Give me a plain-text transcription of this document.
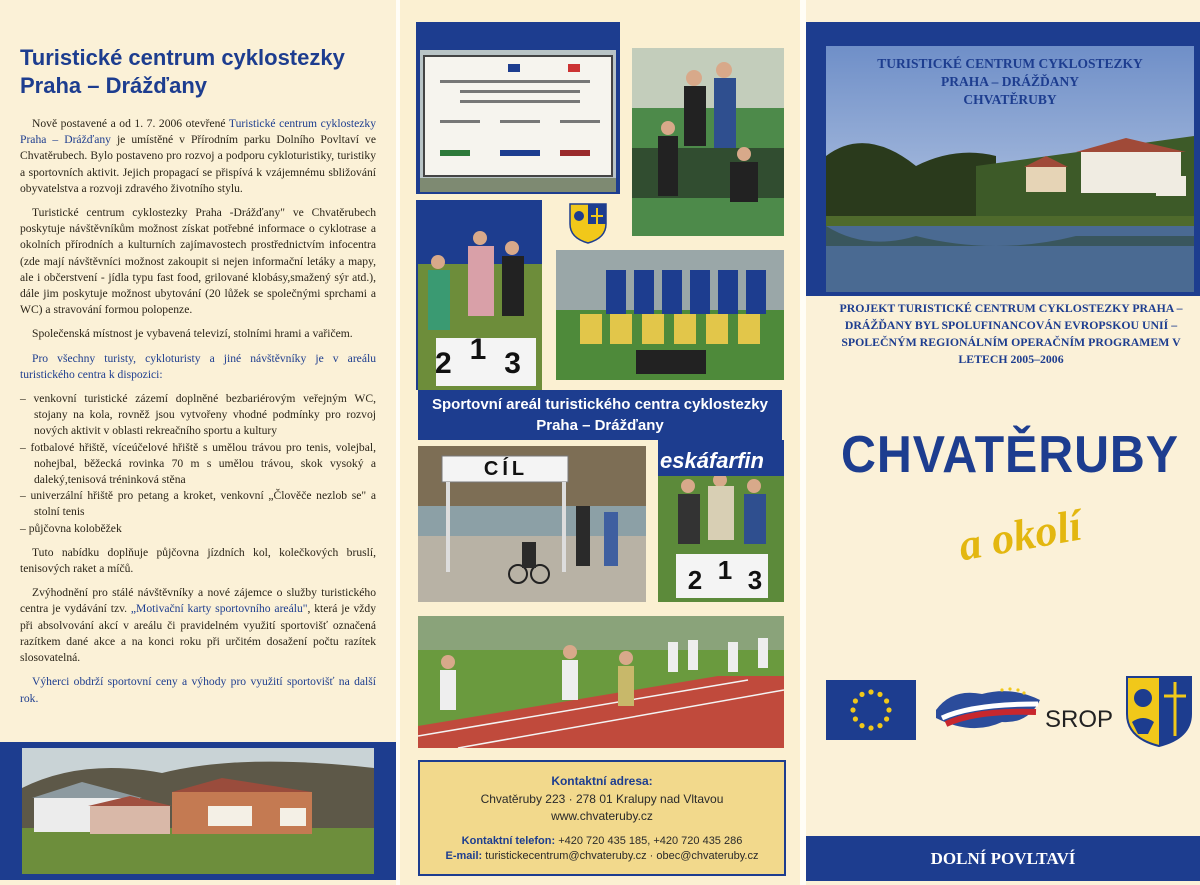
Turistické centrum cyklostezky Praha – Drážďany

Nově postavené a od 1. 7. 2006 otevřené Turistické centrum cyklostezky Praha – Drážďany je umístěné v Přírodním parku Dolního Povltaví ve Chvatěrubech. Bylo postaveno pro rozvoj a podporu cykloturistiky, turistiky a sportovních aktivit. Jejich propagací se přispívá k vzájemnému sbližování obyvatelstva a rozvoji zdravého životního stylu.

Turistické centrum cyklostezky Praha -Drážďany" ve Chvatěrubech poskytuje návštěvníkům možnost získat potřebné informace o cyklotrase a okolních přírodních a kulturních zajímavostech prostřednictvím infocentra (zde mají návštěvníci možnost zakoupit si nejen informační letáky a mapy, ale i občerstvení - jídla typu fast food, grilované klobásy,smažený sýr atd.), dále jim poskytuje možnost ubytování (20 lůžek se společnými sprchami a WC) a stravování formou polopenze.

Společenská místnost je vybavená televizí, stolními hrami a vařičem.

Pro všechny turisty, cykloturisty a jiné návštěvníky je v areálu turistického centra k dispozici:

– venkovní turistické zázemí doplněné bezbariérovým veřejným WC, stojany na kola, rovněž jsou vytvořeny vhodné podmínky pro rozvoj nových aktivit v oblasti rekreačního sportu a kultury
– fotbalové hřiště, víceúčelové hřiště s umělou trávou pro tenis, volejbal, nohejbal, běžecká rovinka 70 m s umělou trávou, skok vysoký a daleký,tenisová tréninková stěna
– univerzální hřiště pro petang a kroket, venkovní „Člověče nezlob se" a stolní tenis
– půjčovna koloběžek

Tuto nabídku doplňuje půjčovna jízdních kol, kolečkových bruslí, tenisových raket a míčů.

Zvýhodnění pro stálé návštěvníky a nové zájemce o služby turistického centra je vydávání tzv. „Motivační karty sportovního areálu", která je vždy při absolvování akcí v areálu či pravidelném využití sportovišť označená razítkem dané akce a na konci roku při určitém dosažení počtu razítek slosovatelná.

Výherci obdrží sportovní ceny a výhody pro využití sportovišť na další rok.

2 1 3
Sportovní areál turistického centra cyklostezky Praha – Drážďany
CÍL	eskáfarfin
2 1 3
Kontaktní adresa:
Chvatěruby 223 · 278 01 Kralupy nad Vltavou
www.chvateruby.cz
Kontaktní telefon: +420 720 435 185, +420 720 435 286
E-mail: turistickecentrum@chvateruby.cz · obec@chvateruby.cz
TURISTICKÉ CENTRUM CYKLOSTEZKY
PRAHA – DRÁŽĎANY
CHVATĚRUBY
PROJEKT TURISTICKÉ CENTRUM CYKLOSTEZKY PRAHA – DRÁŽĎANY BYL SPOLUFINANCOVÁN EVROPSKOU UNIÍ – SPOLEČNÝM REGIONÁLNÍM OPERAČNÍM PROGRAMEM V LETECH 2005–2006
CHVATĚRUBY
a okolí
SROP
DOLNÍ POVLTAVÍ
